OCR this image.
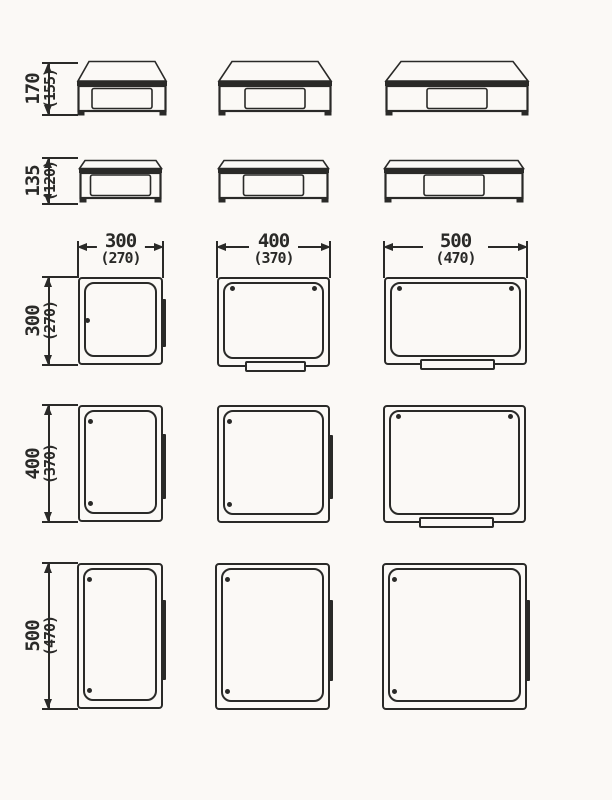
170
(155)
135
(120)
300
(270)
400
(370)
500
(470)
300
(270)
400
(370)
500
(470)
